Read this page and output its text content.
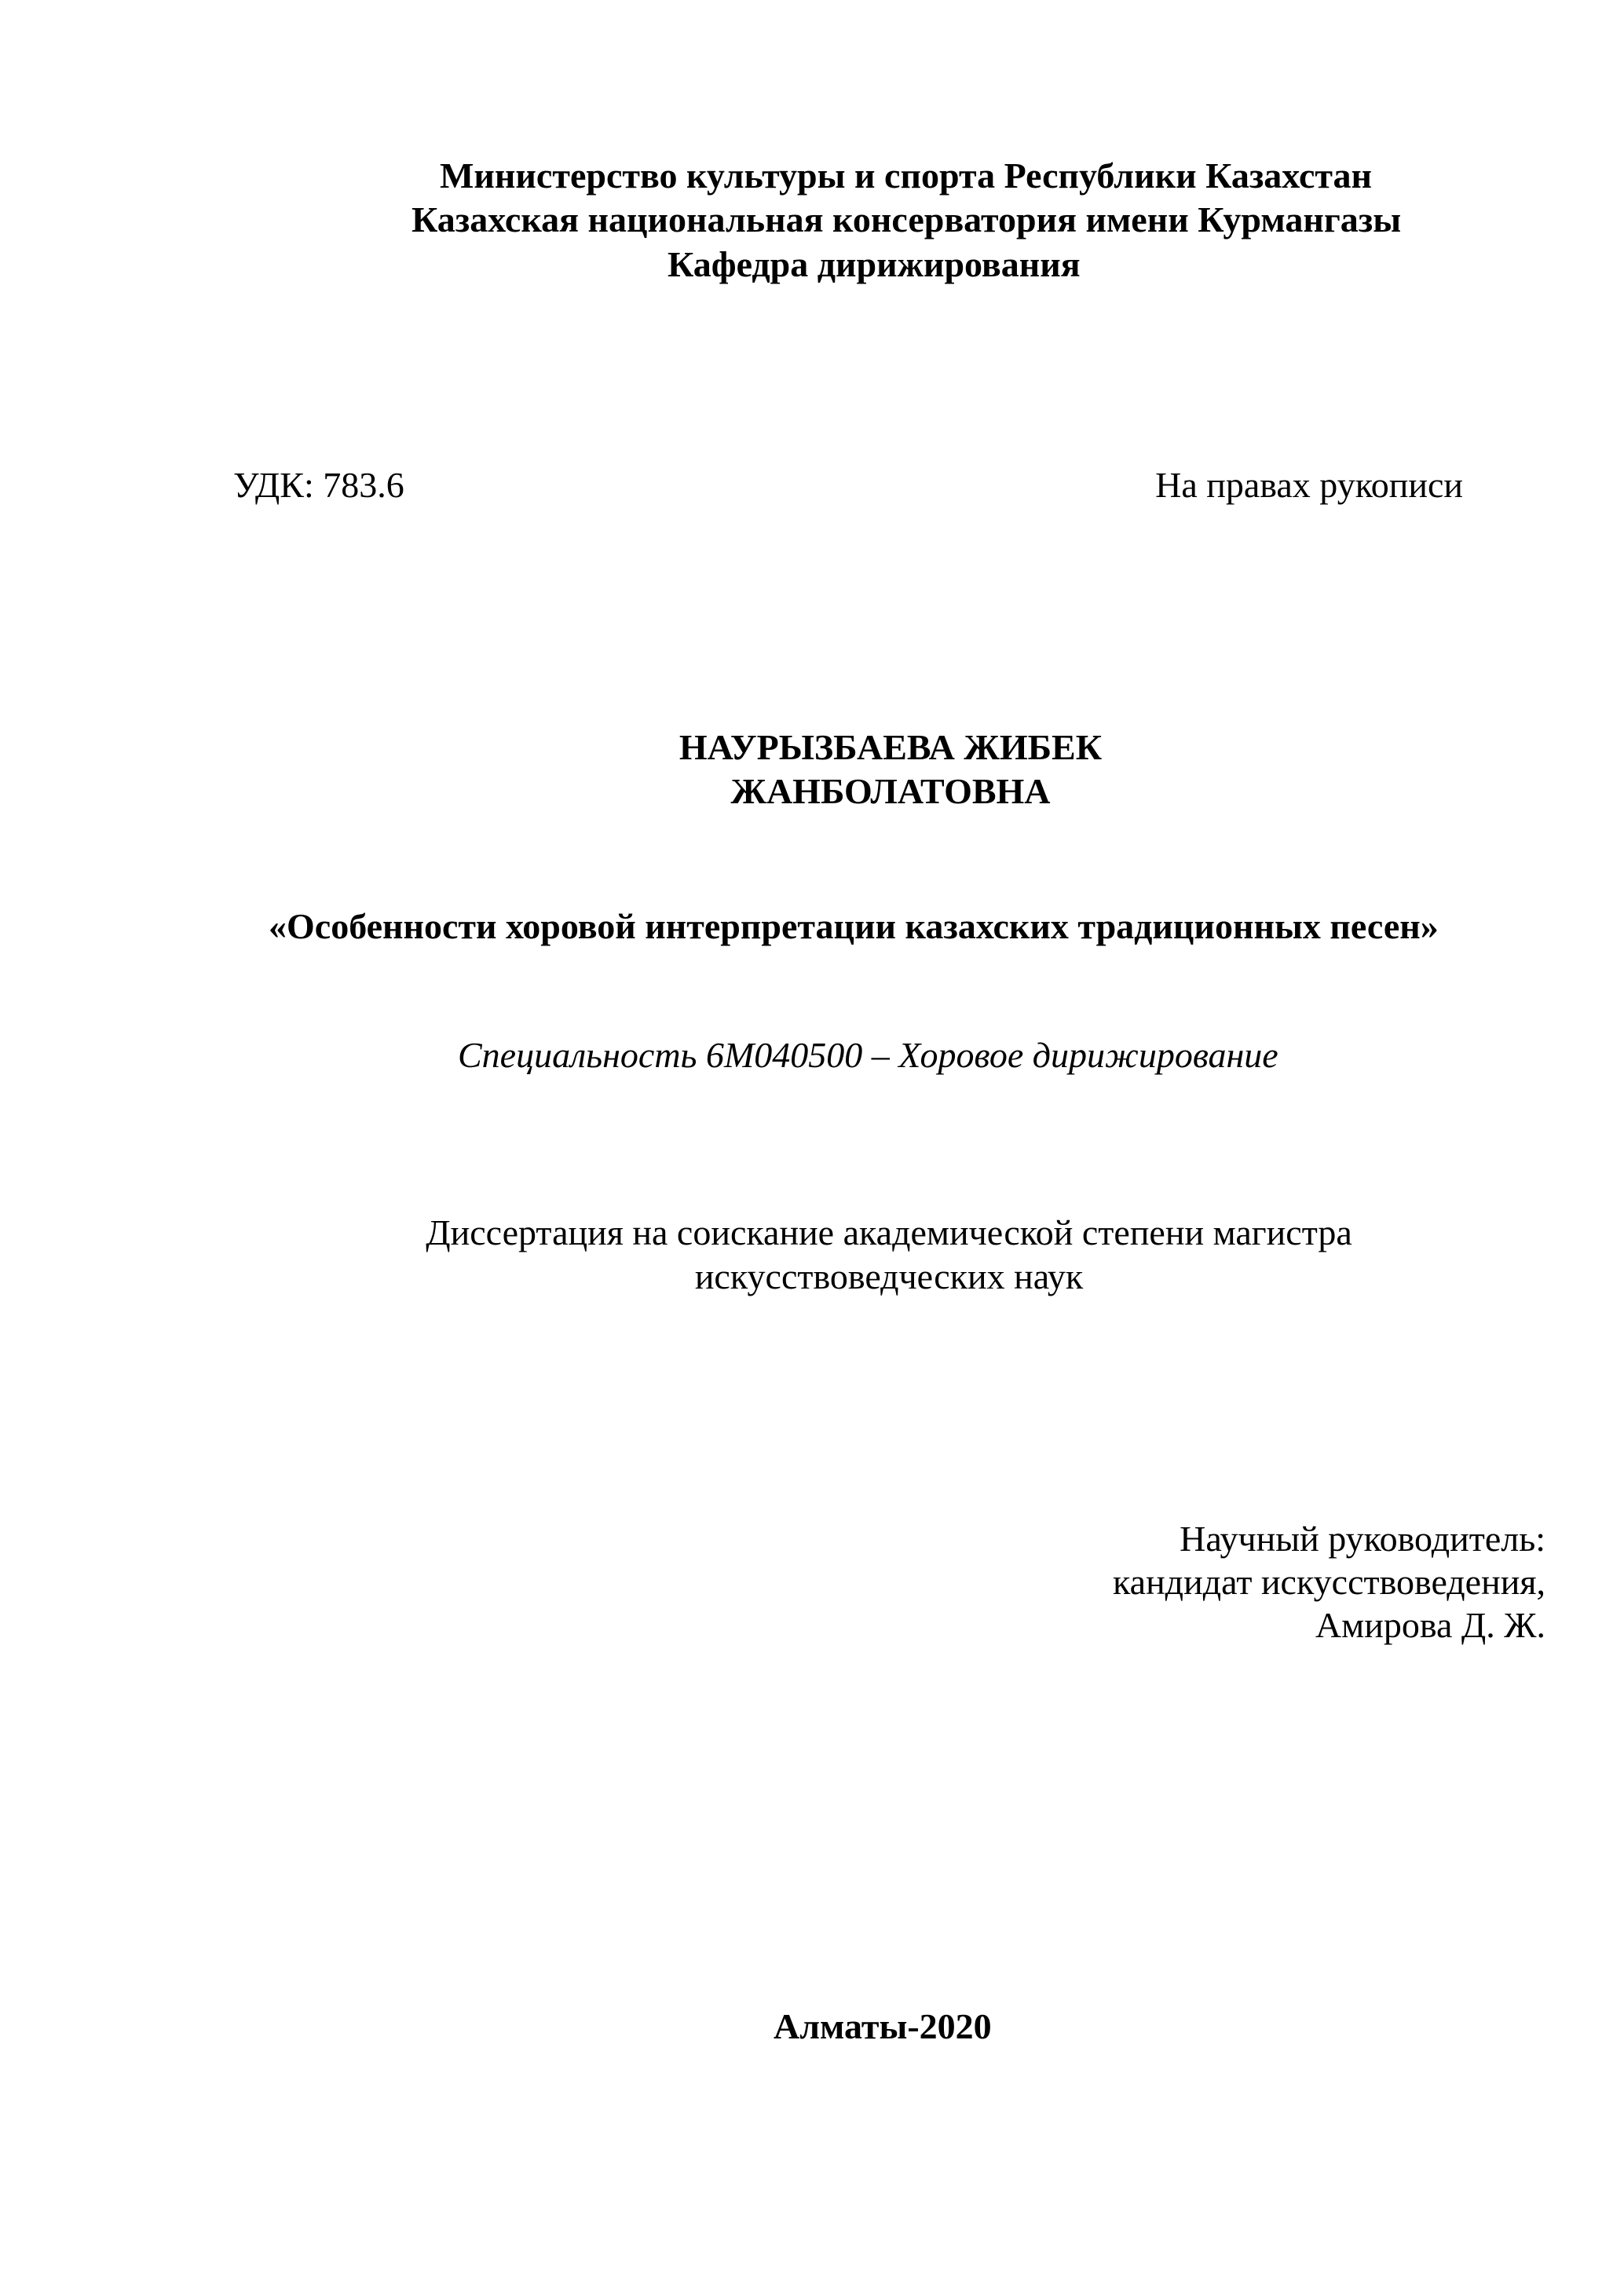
Министерство культуры и спорта Республики Казахстан
Казахская национальная консерватория имени Курмангазы
Кафедра дирижирования
УДК: 783.6	На правах рукописи
НАУРЫЗБАЕВА ЖИБЕК
ЖАНБОЛАТОВНА
«Особенности хоровой интерпретации казахских традиционных песен»
Специальность 6М040500 – Хоровое дирижирование
Диссертация на соискание академической степени магистра
искусствоведческих наук
Научный руководитель:
кандидат искусствоведения,
Амирова Д. Ж.
Алматы-2020
